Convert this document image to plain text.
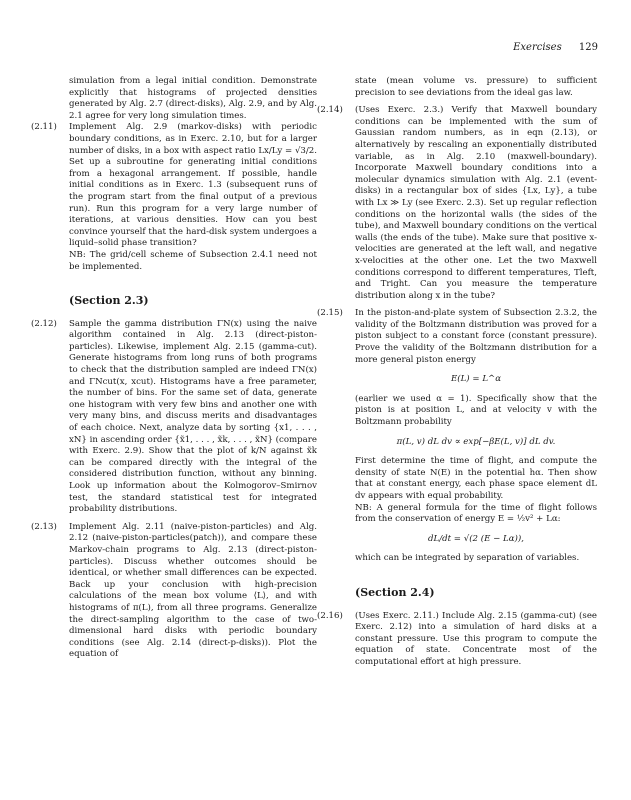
Exercises 129

simulation from a legal initial condition. Demonstrate explicitly that histograms of projected densities generated by Alg. 2.7 (direct-disks), Alg. 2.9, and by Alg. 2.1 agree for very long simulation times.

(2.11)	Implement Alg. 2.9 (markov-disks) with periodic boundary conditions, as in Exerc. 2.10, but for a larger number of disks, in a box with aspect ratio Lx/Ly = √3/2. Set up a subroutine for generating initial conditions from a hexagonal arrangement. If possible, handle initial conditions as in Exerc. 1.3 (subsequent runs of the program start from the final output of a previous run). Run this program for a very large number of iterations, at various densities. How can you best convince yourself that the hard-disk system undergoes a liquid–solid phase transition?

NB: The grid/cell scheme of Subsection 2.4.1 need not be implemented.

(Section 2.3)
(2.12)	Sample the gamma distribution ΓN(x) using the naive algorithm contained in Alg. 2.13 (direct-piston-particles). Likewise, implement Alg. 2.15 (gamma-cut). Generate histograms from long runs of both programs to check that the distribution sampled are indeed ΓN(x) and ΓNcut(x, xcut). Histograms have a free parameter, the number of bins. For the same set of data, generate one histogram with very few bins and another one with very many bins, and discuss merits and disadvantages of each choice. Next, analyze data by sorting {x1, . . . , xN} in ascending order {x̃1, . . . , x̃k, . . . , x̃N} (compare with Exerc. 2.9). Show that the plot of k/N against x̃k can be compared directly with the integral of the considered distribution function, without any binning. Look up information about the Kolmogorov–Smirnov test, the standard statistical test for integrated probability distributions.

(2.13)	Implement Alg. 2.11 (naive-piston-particles) and Alg. 2.12 (naive-piston-particles(patch)), and compare these Markov-chain programs to Alg. 2.13 (direct-piston-particles). Discuss whether outcomes should be identical, or whether small differences can be expected. Back up your conclusion with high-precision calculations of the mean box volume ⟨L⟩, and with histograms of π(L), from all three programs. Generalize the direct-sampling algorithm to the case of two-dimensional hard disks with periodic boundary conditions (see Alg. 2.14 (direct-p-disks)). Plot the equation of

state (mean volume vs. pressure) to sufficient precision to see deviations from the ideal gas law.

(2.14)	(Uses Exerc. 2.3.) Verify that Maxwell boundary conditions can be implemented with the sum of Gaussian random numbers, as in eqn (2.13), or alternatively by rescaling an exponentially distributed variable, as in Alg. 2.10 (maxwell-boundary). Incorporate Maxwell boundary conditions into a molecular dynamics simulation with Alg. 2.1 (event-disks) in a rectangular box of sides {Lx, Ly}, a tube with Lx ≫ Ly (see Exerc. 2.3). Set up regular reflection conditions on the horizontal walls (the sides of the tube), and Maxwell boundary conditions on the vertical walls (the ends of the tube). Make sure that positive x-velocities are generated at the left wall, and negative x-velocities at the other one. Let the two Maxwell conditions correspond to different temperatures, Tleft, and Tright. Can you measure the temperature distribution along x in the tube?

(2.15)	In the piston-and-plate system of Subsection 2.3.2, the validity of the Boltzmann distribution was proved for a piston subject to a constant force (constant pressure). Prove the validity of the Boltzmann distribution for a more general piston energy

E(L) = L^α

(earlier we used α = 1). Specifically show that the piston is at position L, and at velocity v with the Boltzmann probability

π(L, v) dL dv ∝ exp[−βE(L, v)] dL dv.

First determine the time of flight, and compute the density of state N(E) in the potential hα. Then show that at constant energy, each phase space element dL dv appears with equal probability.

NB: A general formula for the time of flight follows from the conservation of energy E = ½v² + Lα:

dL/dt = √(2 (E − Lα)),

which can be integrated by separation of variables.

(Section 2.4)
(2.16)	(Uses Exerc. 2.11.) Include Alg. 2.15 (gamma-cut) (see Exerc. 2.12) into a simulation of hard disks at a constant pressure. Use this program to compute the equation of state. Concentrate most of the computational effort at high pressure.
